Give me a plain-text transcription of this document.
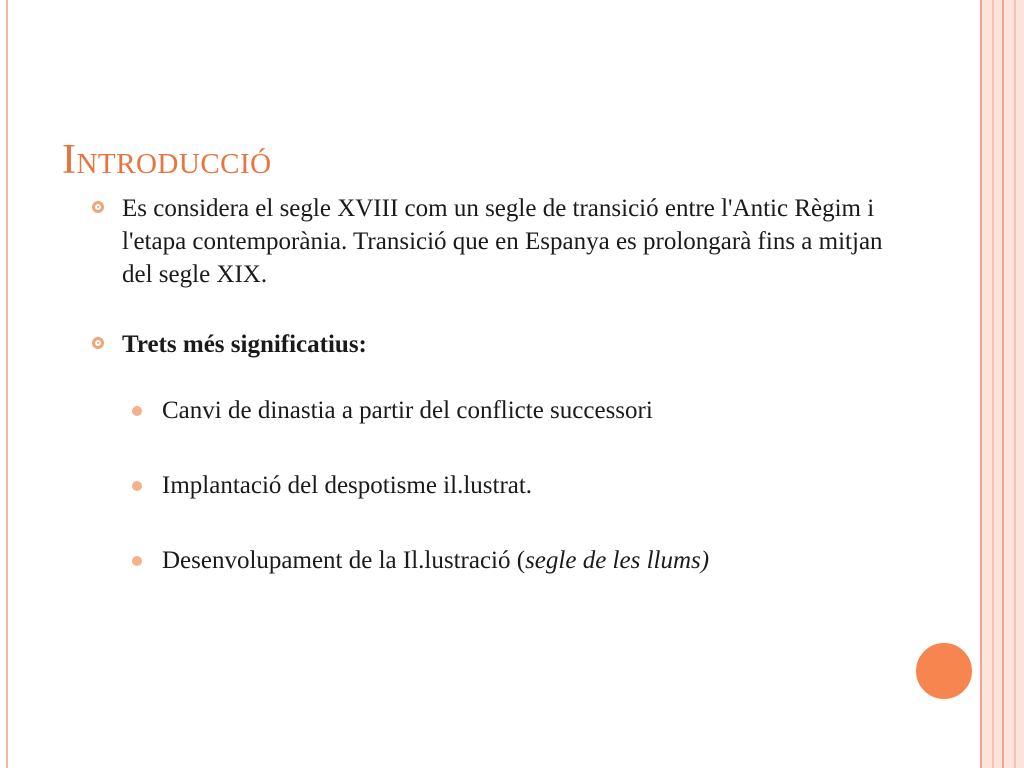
Introducció
Es considera el segle XVIII com un segle de transició entre l'Antic Règim i l'etapa contemporània. Transició que en Espanya es prolongarà fins a mitjan del segle XIX.
Trets més significatius:
Canvi de dinastia a partir del conflicte successori
Implantació del despotisme il.lustrat.
Desenvolupament de la Il.lustració (segle de les llums)
